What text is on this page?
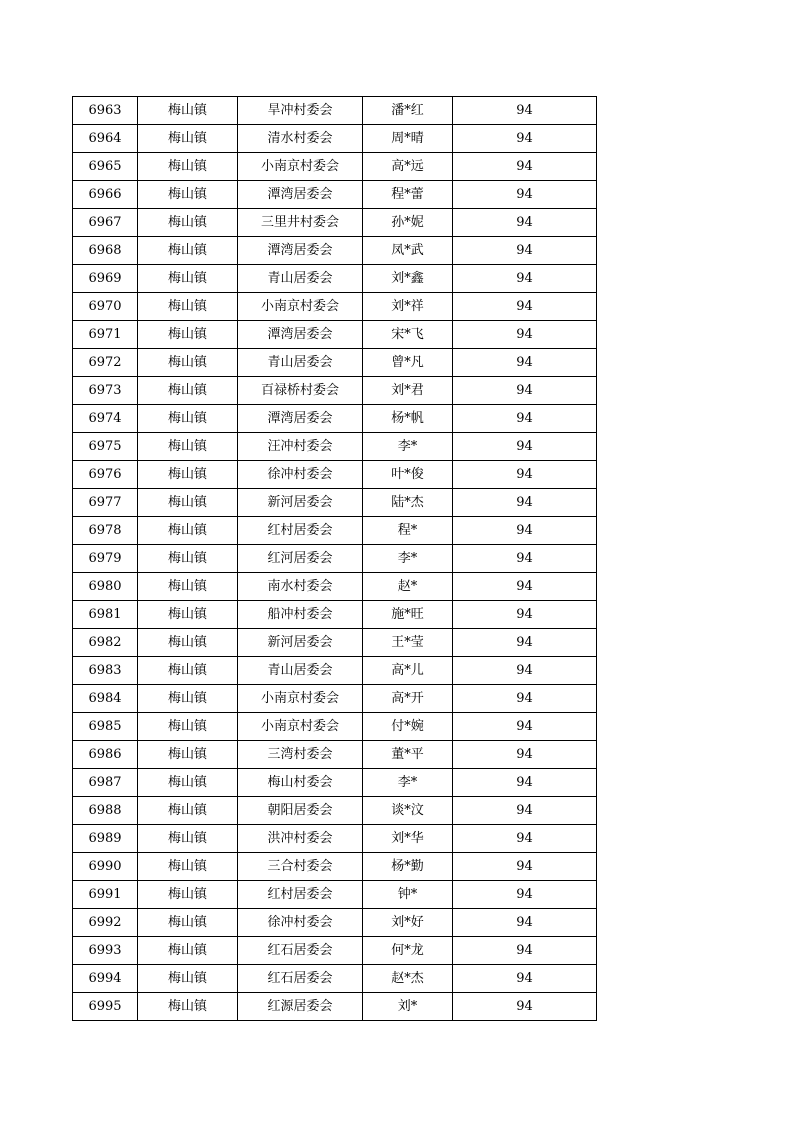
6963	梅山镇	旱冲村委会	潘*红	94
6964	梅山镇	清水村委会	周*晴	94
6965	梅山镇	小南京村委会	高*远	94
6966	梅山镇	潭湾居委会	程*蕾	94
6967	梅山镇	三里井村委会	孙*妮	94
6968	梅山镇	潭湾居委会	凤*武	94
6969	梅山镇	青山居委会	刘*鑫	94
6970	梅山镇	小南京村委会	刘*祥	94
6971	梅山镇	潭湾居委会	宋*飞	94
6972	梅山镇	青山居委会	曾*凡	94
6973	梅山镇	百禄桥村委会	刘*君	94
6974	梅山镇	潭湾居委会	杨*帆	94
6975	梅山镇	汪冲村委会	李*	94
6976	梅山镇	徐冲村委会	叶*俊	94
6977	梅山镇	新河居委会	陆*杰	94
6978	梅山镇	红村居委会	程*	94
6979	梅山镇	红河居委会	李*	94
6980	梅山镇	南水村委会	赵*	94
6981	梅山镇	船冲村委会	施*旺	94
6982	梅山镇	新河居委会	王*莹	94
6983	梅山镇	青山居委会	高*儿	94
6984	梅山镇	小南京村委会	高*开	94
6985	梅山镇	小南京村委会	付*婉	94
6986	梅山镇	三湾村委会	董*平	94
6987	梅山镇	梅山村委会	李*	94
6988	梅山镇	朝阳居委会	谈*汶	94
6989	梅山镇	洪冲村委会	刘*华	94
6990	梅山镇	三合村委会	杨*勤	94
6991	梅山镇	红村居委会	钟*	94
6992	梅山镇	徐冲村委会	刘*好	94
6993	梅山镇	红石居委会	何*龙	94
6994	梅山镇	红石居委会	赵*杰	94
6995	梅山镇	红源居委会	刘*	94
